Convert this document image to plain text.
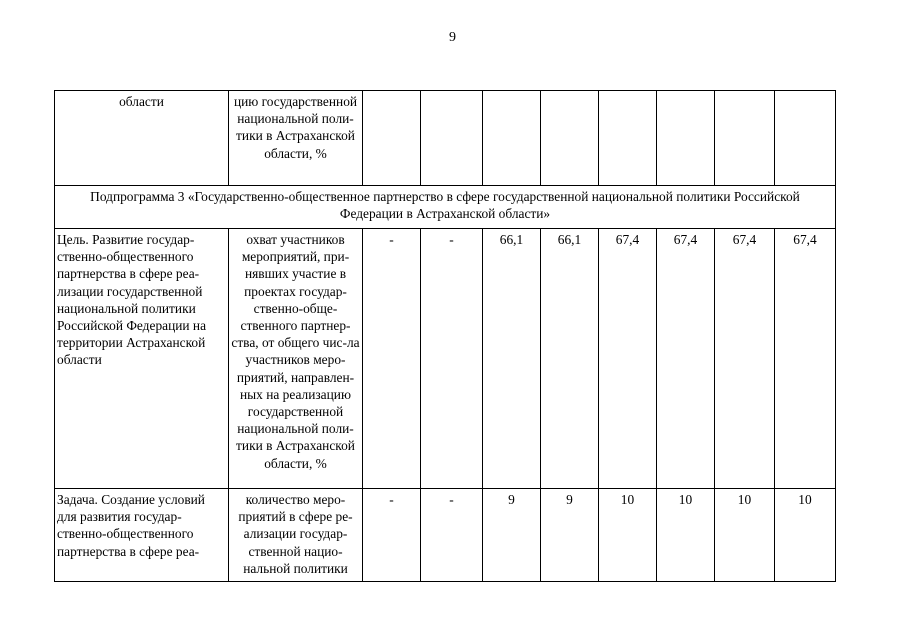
9
области	цию государственной национальной поли-тики в Астраханской области, %								
Подпрограмма 3 «Государственно-общественное партнерство в сфере государственной национальной политики Российской Федерации в Астраханской области»									
Цель. Развитие государ-ственно-общественного партнерства в сфере реа-лизации государственной национальной политики Российской Федерации на территории Астраханской области	охват участников мероприятий, при-нявших участие в проектах государ-ственно-обще-ственного партнер-ства, от общего чис-ла участников меро-приятий, направлен-ных на реализацию государственной национальной поли-тики в Астраханской области, %	-	-	66,1	66,1	67,4	67,4	67,4	67,4
Задача. Создание условий для развития государ-ственно-общественного партнерства в сфере реа-	количество меро-приятий в сфере ре-ализации государ-ственной нацио-нальной политики	-	-	9	9	10	10	10	10
